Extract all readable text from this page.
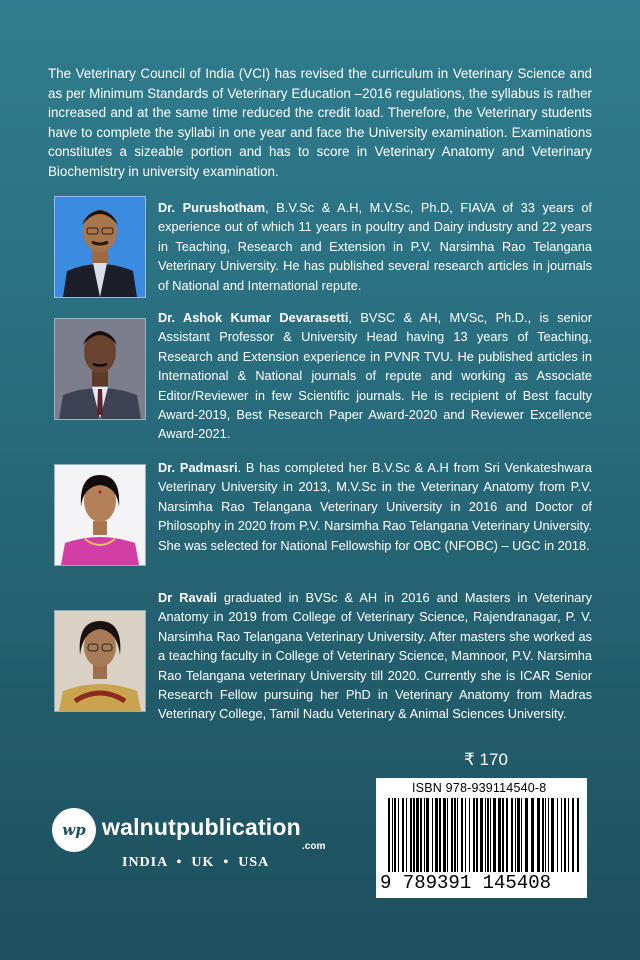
The Veterinary Council of India (VCI) has revised the curriculum in Veterinary Science and as per Minimum Standards of Veterinary Education –2016 regulations, the syllabus is rather increased and at the same time reduced the credit load. Therefore, the Veterinary students have to complete the syllabi in one year and face the University examination. Examinations constitutes a sizeable portion and has to score in Veterinary Anatomy and Veterinary Biochemistry in university examination.

Dr. Purushotham, B.V.Sc & A.H, M.V.Sc, Ph.D, FIAVA of 33 years of experience out of which 11 years in poultry and Dairy industry and 22 years in Teaching, Research and Extension in P.V. Narsimha Rao Telangana Veterinary University. He has published several research articles in journals of National and International repute.

Dr. Ashok Kumar Devarasetti, BVSC & AH, MVSc, Ph.D., is senior Assistant Professor & University Head having 13 years of Teaching, Research and Extension experience in PVNR TVU. He published articles in International & National journals of repute and working as Associate Editor/Reviewer in few Scientific journals. He is recipient of Best faculty Award-2019, Best Research Paper Award-2020 and Reviewer Excellence Award-2021.

Dr. Padmasri. B has completed her B.V.Sc & A.H from Sri Venkateshwara Veterinary University in 2013, M.V.Sc in the Veterinary Anatomy from P.V. Narsimha Rao Telangana Veterinary University in 2016 and Doctor of Philosophy in 2020 from P.V. Narsimha Rao Telangana Veterinary University. She was selected for National Fellowship for OBC (NFOBC) – UGC in 2018.

Dr Ravali graduated in BVSc & AH in 2016 and Masters in Veterinary Anatomy in 2019 from College of Veterinary Science, Rajendranagar, P. V. Narsimha Rao Telangana Veterinary University. After masters she worked as a teaching faculty in College of Veterinary Science, Mamnoor, P.V. Narsimha Rao Telangana veterinary University till 2020. Currently she is ICAR Senior Research Fellow pursuing her PhD in Veterinary Anatomy from Madras Veterinary College, Tamil Nadu Veterinary & Animal Sciences University.

₹ 170
ISBN 978-939114540-8
9 789391 145408
wp walnutpublication
.com
INDIA  •  UK  •  USA
